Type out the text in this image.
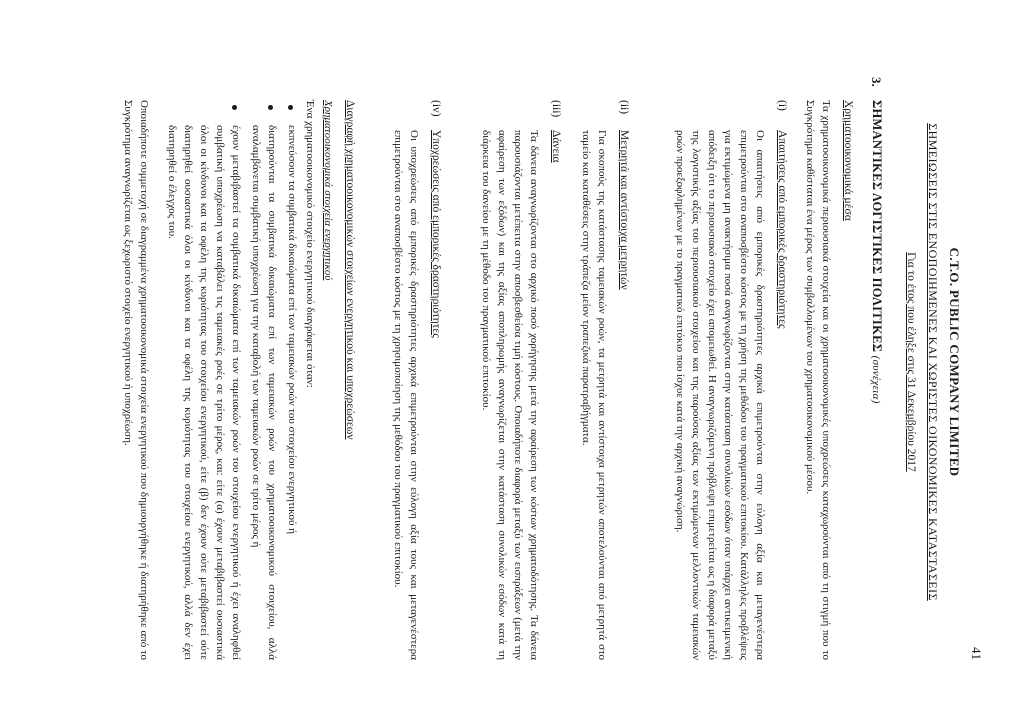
41
C.T.O. PUBLIC COMPANY LIMITED
ΣΗΜΕΙΩΣΕΙΣ ΣΤΙΣ ΕΝΟΠΟΙΗΜΕΝΕΣ ΚΑΙ ΧΩΡΙΣΤΕΣ ΟΙΚΟΝΟΜΙΚΕΣ ΚΑΤΑΣΤΑΣΕΙΣ
Για το έτος που έληξε στις 31 Δεκεμβρίου 2017
3.
ΣΗΜΑΝΤΙΚΕΣ ΛΟΓΙΣΤΙΚΕΣ ΠΟΛΙΤΙΚΕΣ (συνέχεια)
Χρηματοοικονομικά μέσα
Τα χρηματοοικονομικά περιουσιακά στοιχεία και οι χρηματοοικονομικές υποχρεώσεις καταχωρούνται από τη στιγμή που το Συγκρότημα καθίσταται ένα μέρος των συμβαλλομένων του χρηματοοικονομικού μέσου.
(i)
Απαιτήσεις από εμπορικές δραστηριότητες
Οι απαιτήσεις από εμπορικές δραστηριότητες αρχικά επιμετρούνται στην εύλογη αξία και μεταγενέστερα επιμετρούνται στο αναποσβέστο κόστος με τη χρήση της μεθόδου του πραγματικού επιτοκίου. Κατάλληλες προβλέψεις για εκτιμώμενα μη ανακτήσιμα ποσά αναγνωρίζονται στην κατάσταση συνολικών εσόδων όταν υπάρχει αντικειμενική απόδειξη ότι το περιουσιακό στοιχείο έχει απομειωθεί. Η αναγνωριζόμενη πρόβλεψη επιμετρείται ως η διαφορά μεταξύ της λογιστικής αξίας του περιουσιακού στοιχείου και της παρούσας αξίας των εκτιμώμενων μελλοντικών ταμειακών ροών προεξοφλημένων με το πραγματικό επιτόκιο που ίσχυε κατά την αρχική αναγνώριση.
(ii)
Μετρητά και αντίστοιχα μετρητών
Για σκοπούς της κατάστασης ταμειακών ροών, τα μετρητά και αντίστοιχα μετρητών αποτελούνται από μετρητά στο ταμείο και καταθέσεις στην τράπεζα μείον τραπεζικά παρατραβήγματα.
(iii)
Δάνεια
Τα δάνεια αναγνωρίζονται στο αρχικό ποσό χορήγησης μετά την αφαίρεση των κόστων χρηματοδότησης. Τα δάνεια παρουσιάζονται μετέπειτα στην αποσβεσθείσα τιμή κόστους. Οποιαδήποτε διαφορά μεταξύ των εισπράξεων (μετά την αφαίρεση των εξόδων) και της αξίας αποπληρωμής αναγνωρίζεται στην κατάσταση συνολικών εσόδων κατά τη διάρκεια του δανείου με τη μέθοδο του πραγματικού επιτοκίου.
(iv)
Υποχρεώσεις από εμπορικές δραστηριότητες
Οι υποχρεώσεις από εμπορικές δραστηριότητες αρχικά επιμετρούνται στην εύλογη αξία τους και μεταγενέστερα επιμετρούνται στο αναποσβέστο κόστος με τη χρησιμοποίηση της μεθόδου του πραγματικού επιτοκίου.
Διαγραφή χρηματοοικονομικών στοιχείων ενεργητικού και υποχρεώσεων
Χρηματοοικονομικά στοιχεία ενεργητικού
Ένα χρηματοοικονομικό στοιχείο ενεργητικού διαγράφεται όταν:
εκπνεύσουν τα συμβατικά δικαιώματα επί των ταμειακών ροών του στοιχείου ενεργητικού ή
διατηρούνται τα συμβατικά δικαιώματα επί των ταμειακών ροών του χρηματοοικονομικού στοιχείου, αλλά αναλαμβάνεται συμβατική υποχρέωση για την καταβολή των ταμειακών ροών σε τρίτο μέρος ή
έχουν μεταβιβαστεί τα συμβατικά δικαιώματα επί των ταμειακών ροών του στοιχείου ενεργητικού ή έχει αναληφθεί συμβατική υποχρέωση να καταβάλει τις ταμειακές ροές σε τρίτο μέρος, και: είτε (α) έχουν μεταβιβαστεί ουσιαστικά όλοι οι κίνδυνοι και τα οφέλη της κυριότητας του στοιχείου ενεργητικού, είτε (β) δεν έχουν ούτε μεταβιβαστεί ούτε διατηρηθεί ουσιαστικά όλοι οι κίνδυνοι και τα οφέλη της κυριότητας του στοιχείου ενεργητικού, αλλά δεν έχει διατηρηθεί ο έλεγχος του.
Οποιαδήποτε συμμετοχή σε διαγραμμένα χρηματοοικονομικά στοιχεία ενεργητικού που δημιουργήθηκε ή διατηρήθηκε από το Συγκρότημα αναγνωρίζεται ως ξεχωριστό στοιχείο ενεργητικού ή υποχρέωση.
